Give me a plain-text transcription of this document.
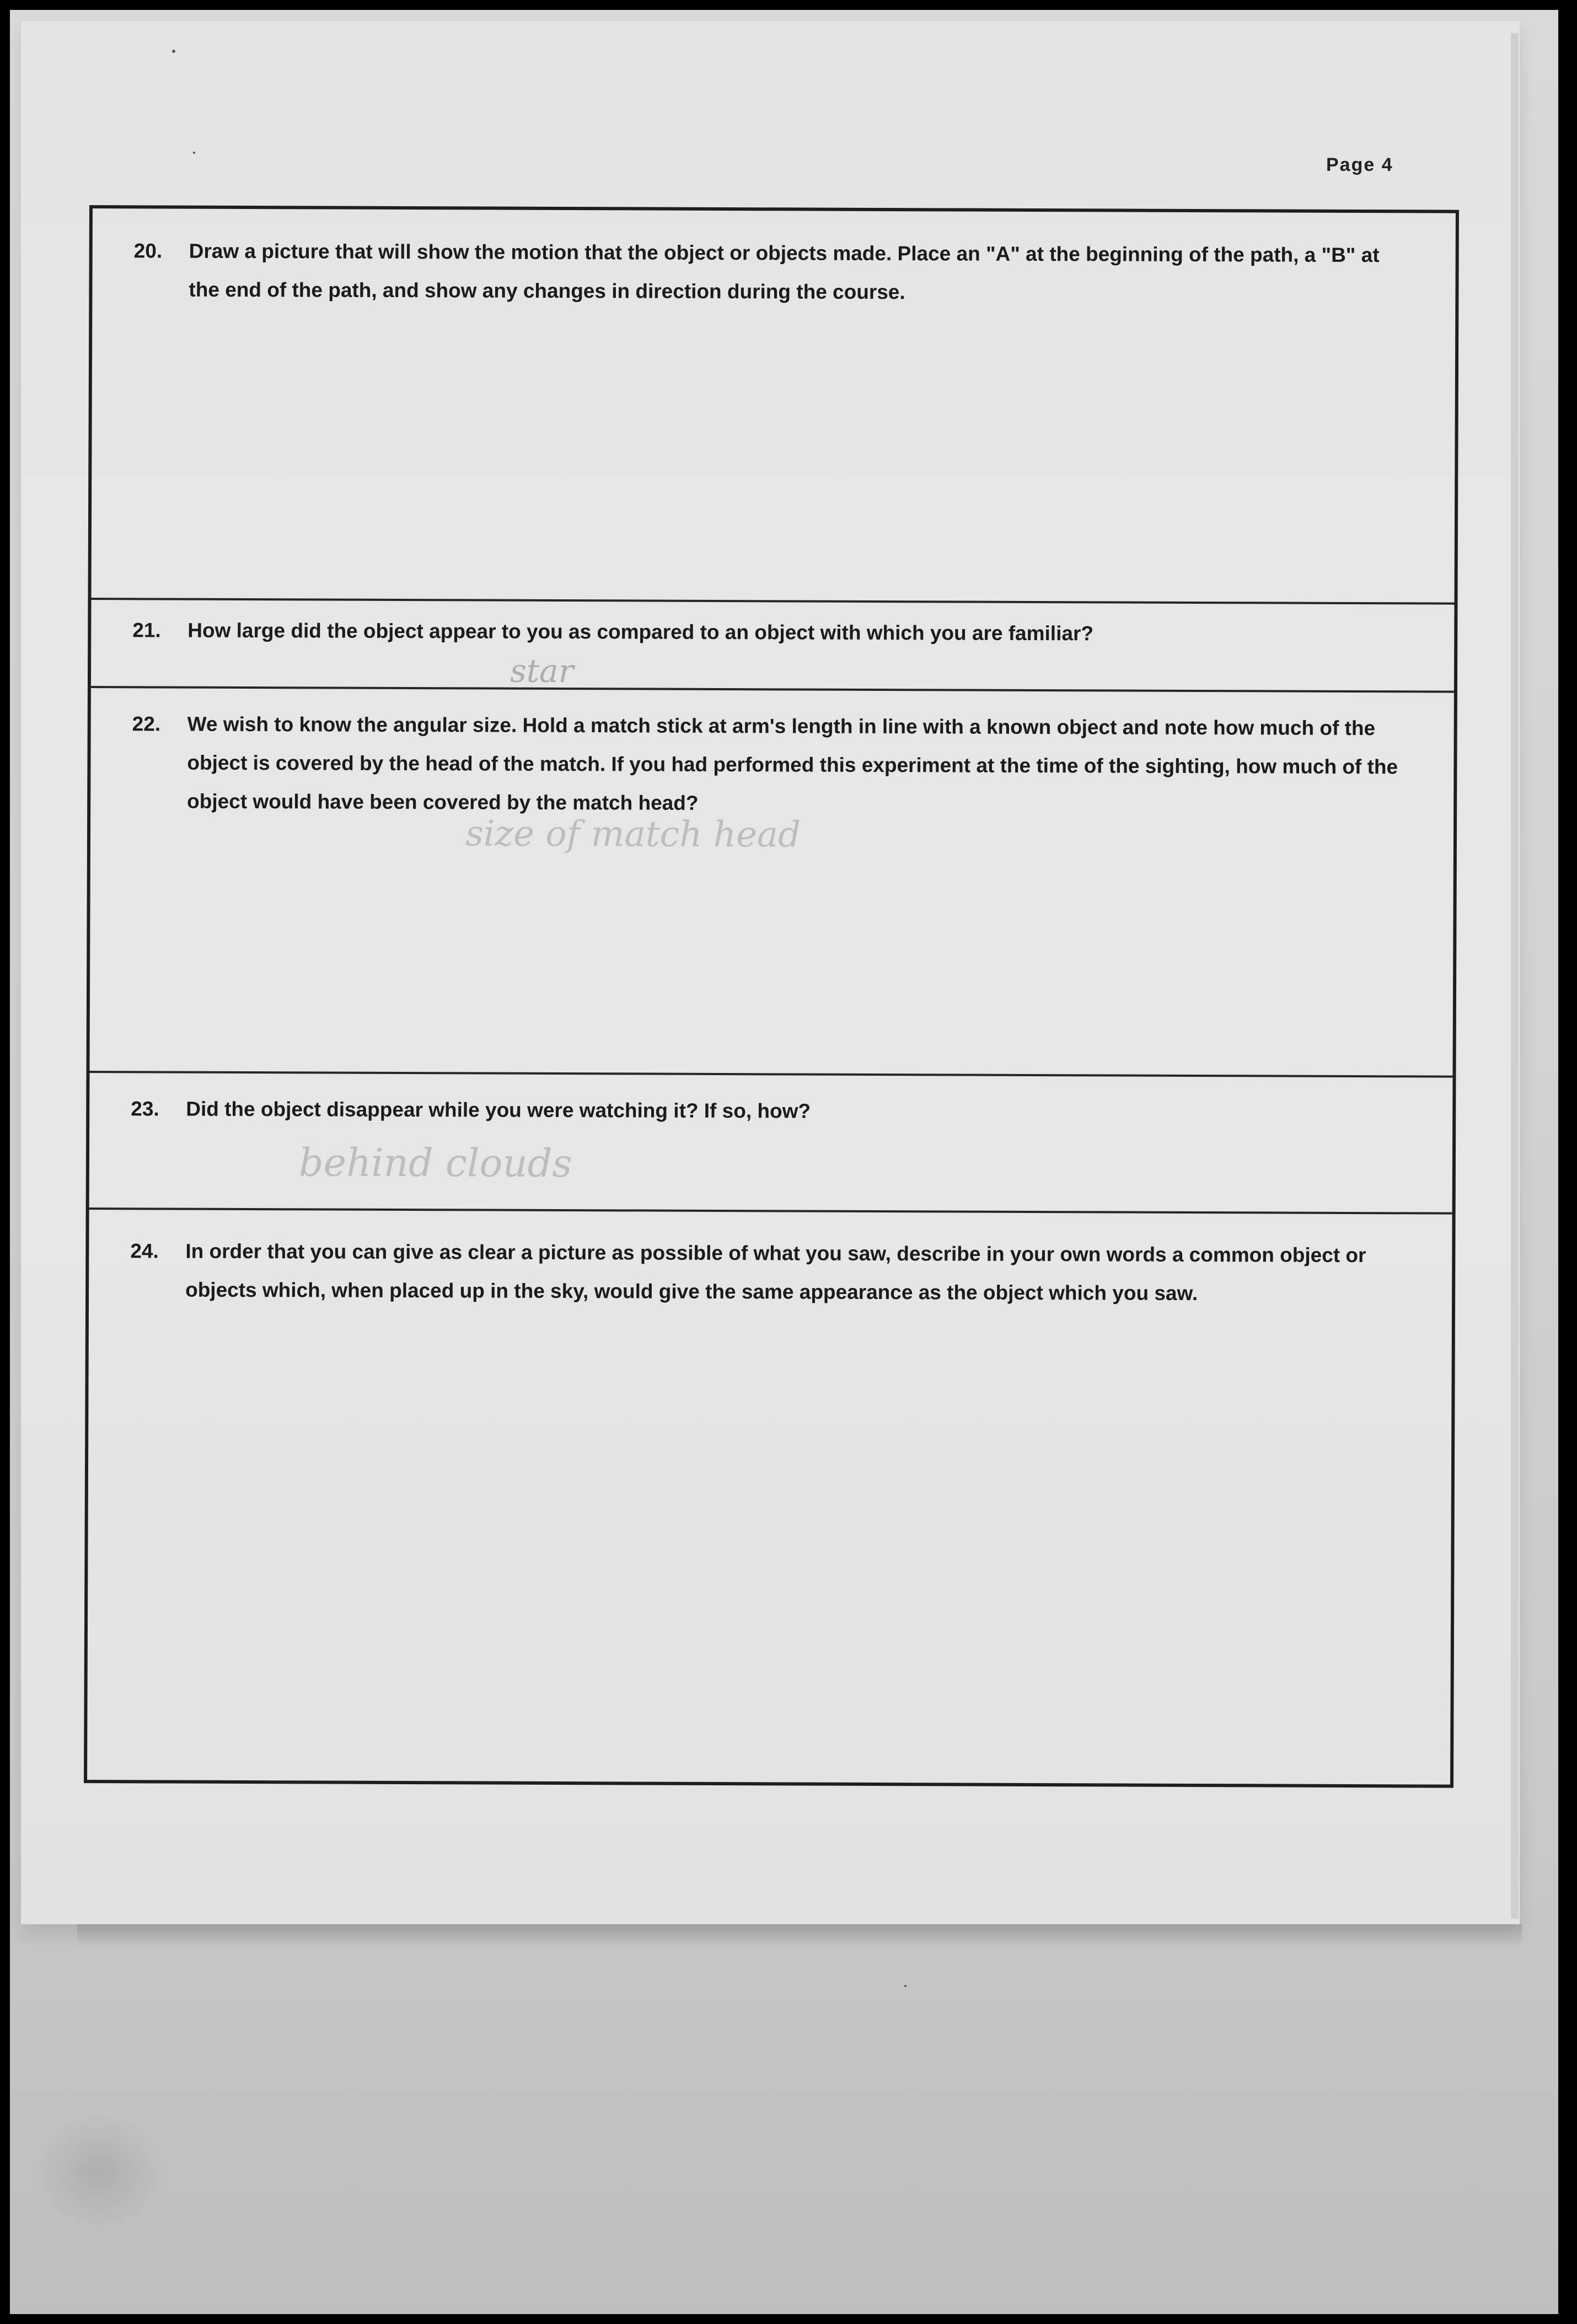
Page 4
20.	Draw a picture that will show the motion that the object or objects made. Place an "A" at the beginning of the path, a "B" at the end of the path, and show any changes in direction during the course.
21.	How large did the object appear to you as compared to an object with which you are familiar?
star
22.	We wish to know the angular size. Hold a match stick at arm's length in line with a known object and note how much of the object is covered by the head of the match. If you had performed this experiment at the time of the sighting, how much of the object would have been covered by the match head?
size of match head
23.	Did the object disappear while you were watching it? If so, how?
behind clouds
24.	In order that you can give as clear a picture as possible of what you saw, describe in your own words a common object or objects which, when placed up in the sky, would give the same appearance as the object which you saw.
